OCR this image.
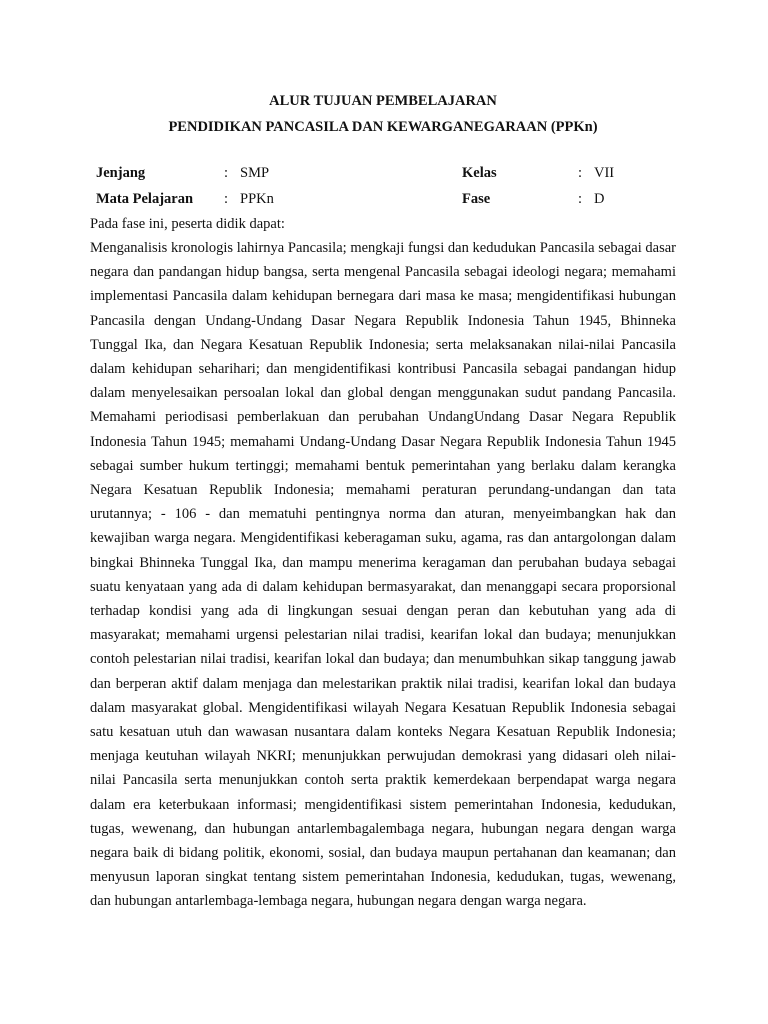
ALUR TUJUAN PEMBELAJARAN

PENDIDIKAN PANCASILA DAN KEWARGANEGARAAN (PPKn)

Jenjang	: SMP	Kelas	: VII
Mata Pelajaran	: PPKn	Fase	: D

Pada fase ini, peserta didik dapat:

Menganalisis kronologis lahirnya Pancasila; mengkaji fungsi dan kedudukan Pancasila sebagai dasar negara dan pandangan hidup bangsa, serta mengenal Pancasila sebagai ideologi negara; memahami implementasi Pancasila dalam kehidupan bernegara dari masa ke masa; mengidentifikasi hubungan Pancasila dengan Undang-Undang Dasar Negara Republik Indonesia Tahun 1945, Bhinneka Tunggal Ika, dan Negara Kesatuan Republik Indonesia; serta melaksanakan nilai-nilai Pancasila dalam kehidupan seharihari; dan mengidentifikasi kontribusi Pancasila sebagai pandangan hidup dalam menyelesaikan persoalan lokal dan global dengan menggunakan sudut pandang Pancasila. Memahami periodisasi pemberlakuan dan perubahan UndangUndang Dasar Negara Republik Indonesia Tahun 1945; memahami Undang-Undang Dasar Negara Republik Indonesia Tahun 1945 sebagai sumber hukum tertinggi; memahami bentuk pemerintahan yang berlaku dalam kerangka Negara Kesatuan Republik Indonesia; memahami peraturan perundang-undangan dan tata urutannya; - 106 - dan mematuhi pentingnya norma dan aturan, menyeimbangkan hak dan kewajiban warga negara. Mengidentifikasi keberagaman suku, agama, ras dan antargolongan dalam bingkai Bhinneka Tunggal Ika, dan mampu menerima keragaman dan perubahan budaya sebagai suatu kenyataan yang ada di dalam kehidupan bermasyarakat, dan menanggapi secara proporsional terhadap kondisi yang ada di lingkungan sesuai dengan peran dan kebutuhan yang ada di masyarakat; memahami urgensi pelestarian nilai tradisi, kearifan lokal dan budaya; menunjukkan contoh pelestarian nilai tradisi, kearifan lokal dan budaya; dan menumbuhkan sikap tanggung jawab dan berperan aktif dalam menjaga dan melestarikan praktik nilai tradisi, kearifan lokal dan budaya dalam masyarakat global. Mengidentifikasi wilayah Negara Kesatuan Republik Indonesia sebagai satu kesatuan utuh dan wawasan nusantara dalam konteks Negara Kesatuan Republik Indonesia; menjaga keutuhan wilayah NKRI; menunjukkan perwujudan demokrasi yang didasari oleh nilai-nilai Pancasila serta menunjukkan contoh serta praktik kemerdekaan berpendapat warga negara dalam era keterbukaan informasi; mengidentifikasi sistem pemerintahan Indonesia, kedudukan, tugas, wewenang, dan hubungan antarlembagalembaga negara, hubungan negara dengan warga negara baik di bidang politik, ekonomi, sosial, dan budaya maupun pertahanan dan keamanan; dan menyusun laporan singkat tentang sistem pemerintahan Indonesia, kedudukan, tugas, wewenang, dan hubungan antarlembaga-lembaga negara, hubungan negara dengan warga negara.
